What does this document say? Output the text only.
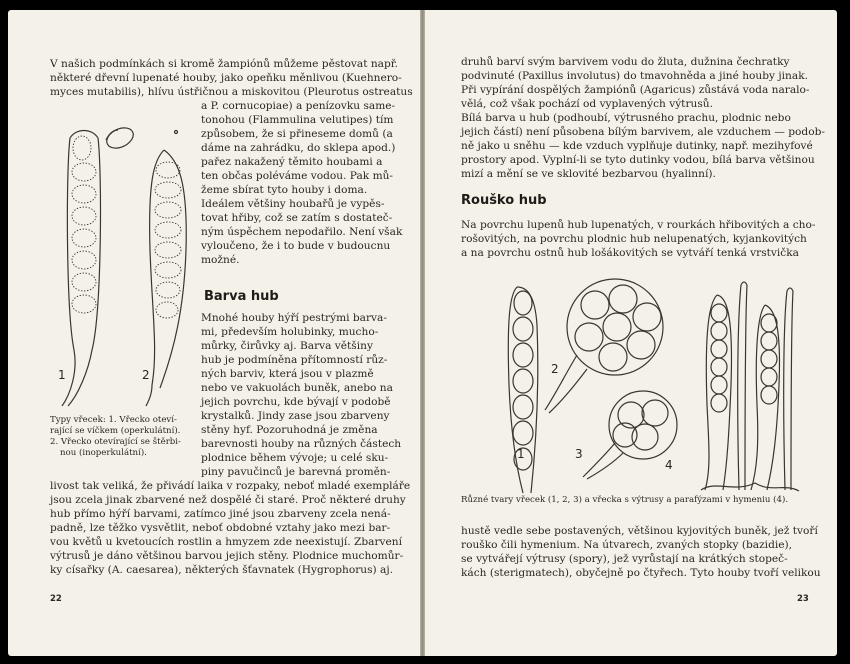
V našich podmínkách si kromě žampiónů můžeme pěstovat např.
některé dřevní lupenaté houby, jako opeňku měnlivou (Kuehnero-
myces mutabilis), hlívu ústřičnou a miskovitou (Pleurotus ostreatus
a P. cornucopiae) a penízovku same-
tonohou (Flammulina velutipes) tím
způsobem, že si přineseme domů (a
dáme na zahrádku, do sklepa apod.)
pařez nakažený těmito houbami a
ten občas poléváme vodou. Pak mů-
žeme sbírat tyto houby i doma.
Ideálem většiny houbařů je vypěs-
tovat hřiby, což se zatím s dostateč-
ným úspěchem nepodařilo. Není však
vyloučeno, že i to bude v budoucnu
možné.
Barva hub
Mnohé houby hýří pestrými barva-
mi, především holubinky, mucho-
můrky, čirůvky aj. Barva většiny
hub je podmíněna přítomností růz-
ných barviv, která jsou v plazmě
nebo ve vakuolách buněk, anebo na
jejich povrchu, kde bývají v podobě
krystalků. Jindy zase jsou zbarveny
stěny hyf. Pozoruhodná je změna
barevnosti houby na různých částech
plodnice během vývoje; u celé sku-
piny pavučinců je barevná proměn-
livost tak veliká, že přivádí laika v rozpaky, neboť mladé exempláře
jsou zcela jinak zbarvené než dospělé či staré. Proč některé druhy
hub přímo hýří barvami, zatímco jiné jsou zbarveny zcela nená-
padně, lze těžko vysvětlit, neboť obdobné vztahy jako mezi bar-
vou květů u kvetoucích rostlin a hmyzem zde neexistují. Zbarvení
výtrusů je dáno většinou barvou jejich stěny. Plodnice muchomůr-
ky císařky (A. caesarea), některých šťavnatek (Hygrophorus) aj.
1	2
Typy vřecek: 1. Vřecko oteví-
rající se víčkem (operkulátní).
2. Vřecko otevírající se štěrbi-
nou (inoperkulátní).
22
druhů barví svým barvivem vodu do žluta, dužnina čechratky
podvinuté (Paxillus involutus) do tmavohněda a jiné houby jinak.
Při vypírání dospělých žampiónů (Agaricus) zůstává voda naralo-
vělá, což však pochází od vyplavených výtrusů.
Bílá barva u hub (podhoubí, výtrusného prachu, plodnic nebo
jejich částí) není působena bílým barvivem, ale vzduchem — podob-
ně jako u sněhu — kde vzduch vyplňuje dutinky, např. mezihyfové
prostory apod. Vyplní-li se tyto dutinky vodou, bílá barva většinou
mizí a mění se ve sklovité bezbarvou (hyalinní).
Rouško hub
Na povrchu lupenů hub lupenatých, v rourkách hřibovitých a cho-
rošovitých, na povrchu plodnic hub nelupenatých, kyjankovitých
a na povrchu ostnů hub lošákovitých se vytváří tenká vrstvička
1
2
3
4
Různé tvary vřecek (1, 2, 3) a vřecka s výtrusy a parafýzami v hymeniu (4).
hustě vedle sebe postavených, většinou kyjovitých buněk, jež tvoří
rouško čili hymenium. Na útvarech, zvaných stopky (bazidie),
se vytvářejí výtrusy (spory), jež vyrůstají na krátkých stopeč-
kách (sterigmatech), obyčejně po čtyřech. Tyto houby tvoří velikou
23
